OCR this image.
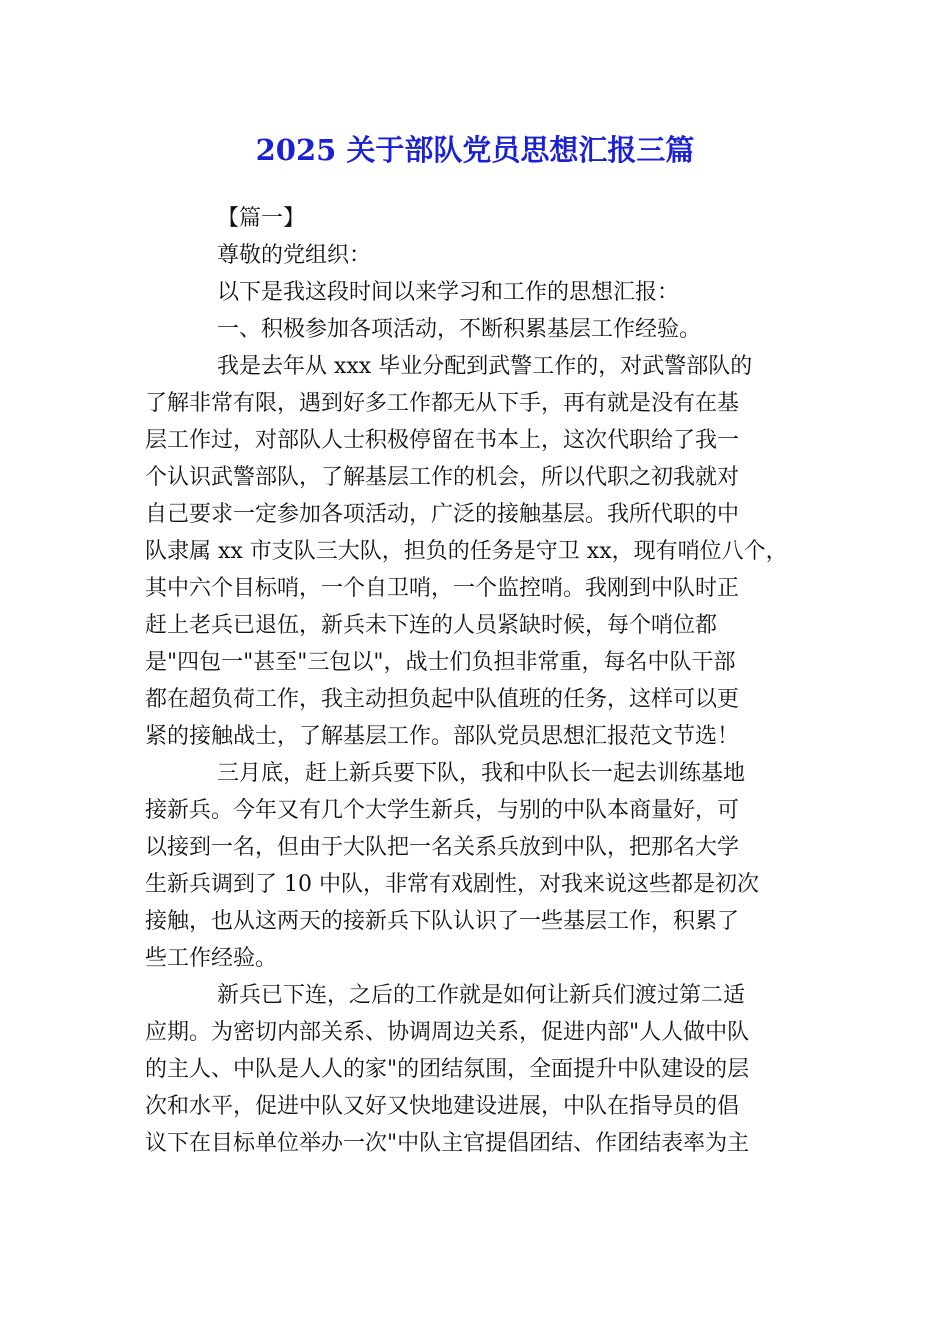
2025 关于部队党员思想汇报三篇
【篇一】
尊敬的党组织：
以下是我这段时间以来学习和工作的思想汇报：
一、积极参加各项活动，不断积累基层工作经验。
我是去年从 xxx 毕业分配到武警工作的，对武警部队的
了解非常有限，遇到好多工作都无从下手，再有就是没有在基
层工作过，对部队人士积极停留在书本上，这次代职给了我一
个认识武警部队，了解基层工作的机会，所以代职之初我就对
自己要求一定参加各项活动，广泛的接触基层。我所代职的中
队隶属 xx 市支队三大队，担负的任务是守卫 xx，现有哨位八个，
其中六个目标哨，一个自卫哨，一个监控哨。我刚到中队时正
赶上老兵已退伍，新兵未下连的人员紧缺时候，每个哨位都
是"四包一"甚至"三包以"，战士们负担非常重，每名中队干部
都在超负荷工作，我主动担负起中队值班的任务，这样可以更
紧的接触战士，了解基层工作。部队党员思想汇报范文节选！
三月底，赶上新兵要下队，我和中队长一起去训练基地
接新兵。今年又有几个大学生新兵，与别的中队本商量好，可
以接到一名，但由于大队把一名关系兵放到中队，把那名大学
生新兵调到了 10 中队，非常有戏剧性，对我来说这些都是初次
接触，也从这两天的接新兵下队认识了一些基层工作，积累了
些工作经验。
新兵已下连，之后的工作就是如何让新兵们渡过第二适
应期。为密切内部关系、协调周边关系，促进内部"人人做中队
的主人、中队是人人的家"的团结氛围，全面提升中队建设的层
次和水平，促进中队又好又快地建设进展，中队在指导员的倡
议下在目标单位举办一次"中队主官提倡团结、作团结表率为主
